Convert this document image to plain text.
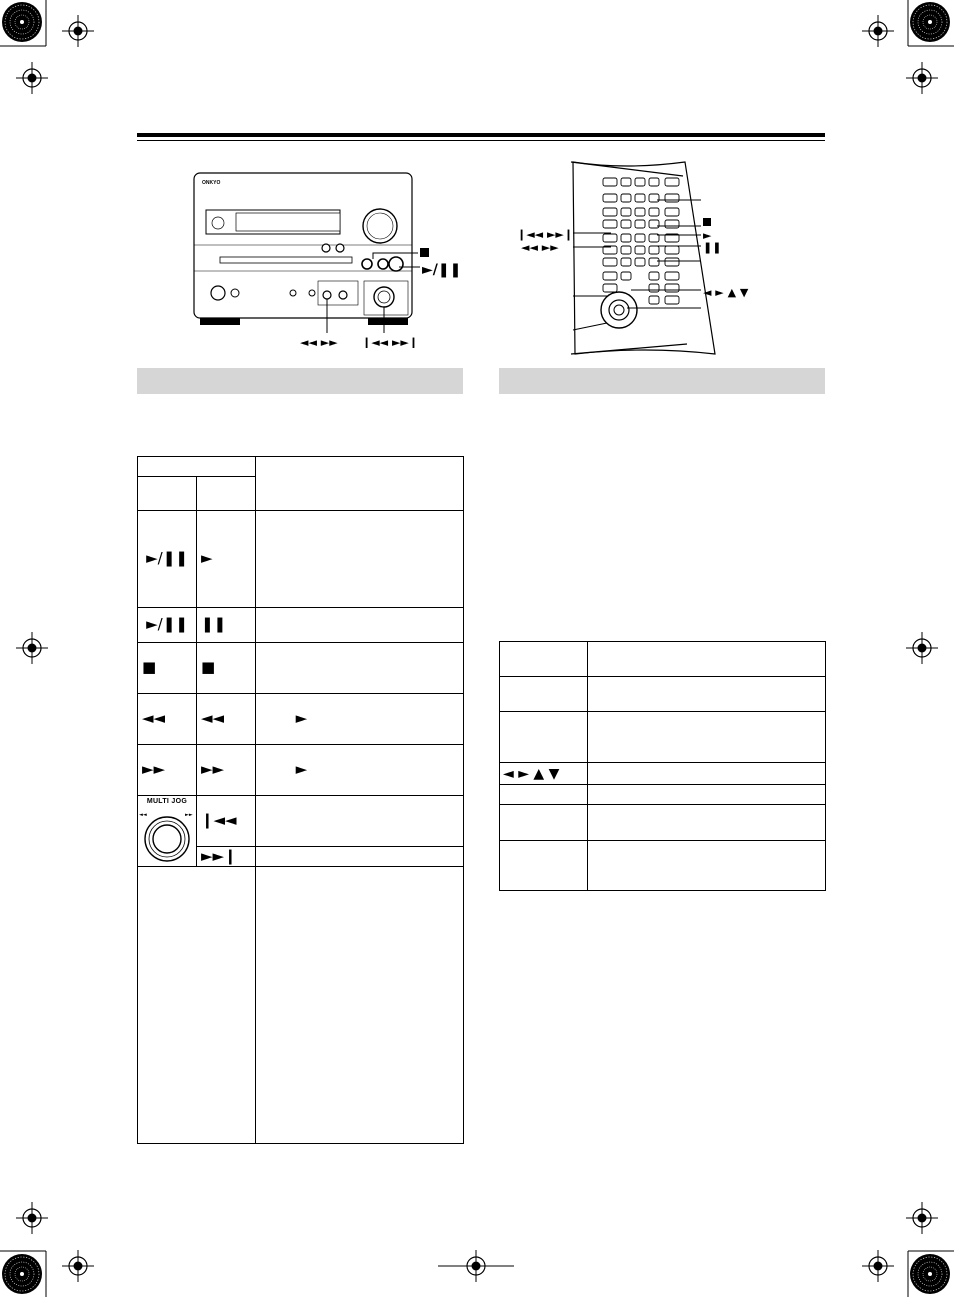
ONKYO
►/❚❚
◄◄ ►► ❙◄◄ ►►❙
❙◄◄ ►►❙
◄◄ ►►
►
❚❚
◄ ► ▲ ▼

►/❚❚	►	
►/❚❚	❚❚	
■	■	
◄◄	◄◄	►
►►	►►	►

MULTI JOG
◄◄ ►►	❙◄◄	
	►►❙	

◄ ► ▲ ▼	
